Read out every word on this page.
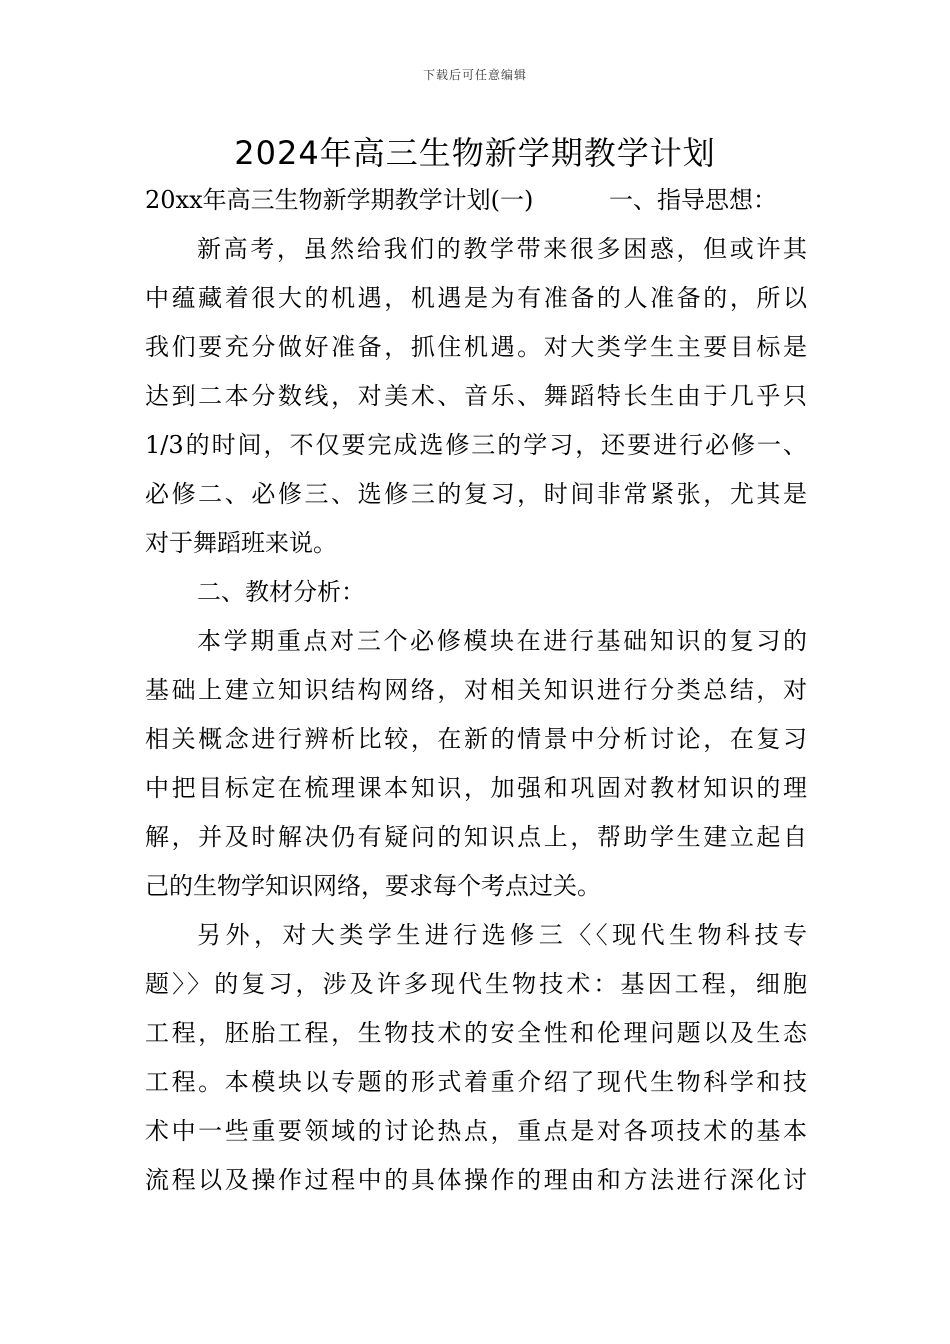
下载后可任意编辑
2024年高三生物新学期教学计划
20xx年高三生物新学期教学计划(一)	一、指导思想：
新高考，虽然给我们的教学带来很多困惑，但或许其
中蕴藏着很大的机遇，机遇是为有准备的人准备的，所以
我们要充分做好准备，抓住机遇。对大类学生主要目标是
达到二本分数线，对美术、音乐、舞蹈特长生由于几乎只
1/3的时间，不仅要完成选修三的学习，还要进行必修一、
必修二、必修三、选修三的复习，时间非常紧张，尤其是
对于舞蹈班来说。
二、教材分析：
本学期重点对三个必修模块在进行基础知识的复习的
基础上建立知识结构网络，对相关知识进行分类总结，对
相关概念进行辨析比较，在新的情景中分析讨论，在复习
中把目标定在梳理课本知识，加强和巩固对教材知识的理
解，并及时解决仍有疑问的知识点上，帮助学生建立起自
己的生物学知识网络，要求每个考点过关。
另外，对大类学生进行选修三〈〈现代生物科技专
题〉〉的复习，涉及许多现代生物技术：基因工程，细胞
工程，胚胎工程，生物技术的安全性和伦理问题以及生态
工程。本模块以专题的形式着重介绍了现代生物科学和技
术中一些重要领域的讨论热点，重点是对各项技术的基本
流程以及操作过程中的具体操作的理由和方法进行深化讨
